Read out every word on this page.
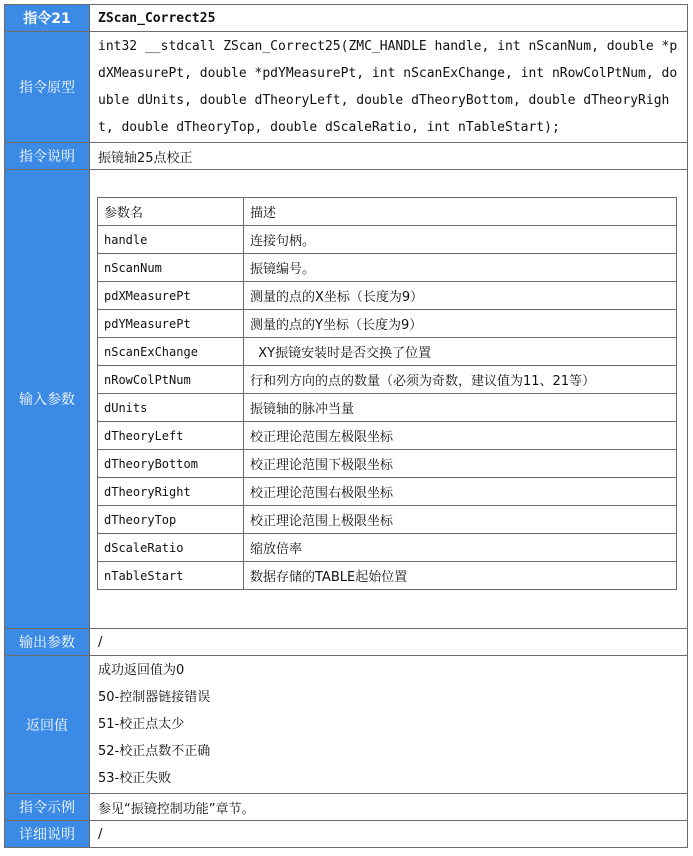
指令21	ZScan_Correct25
指令原型	int32 __stdcall ZScan_Correct25(ZMC_HANDLE handle, int nScanNum, double *pdXMeasurePt, double *pdYMeasurePt, int nScanExChange, int nRowColPtNum, double dUnits, double dTheoryLeft, double dTheoryBottom, double dTheoryRight, double dTheoryTop, double dScaleRatio, int nTableStart);
指令说明	振镜轴25点校正
输入参数	
参数名	描述
handle	连接句柄。
nScanNum	振镜编号。
pdXMeasurePt	测量的点的X坐标（长度为9）
pdYMeasurePt	测量的点的Y坐标（长度为9）
nScanExChange	XY振镜安装时是否交换了位置
nRowColPtNum	行和列方向的点的数量（必须为奇数，建议值为11、21等）
dUnits	振镜轴的脉冲当量
dTheoryLeft	校正理论范围左极限坐标
dTheoryBottom	校正理论范围下极限坐标
dTheoryRight	校正理论范围右极限坐标
dTheoryTop	校正理论范围上极限坐标
dScaleRatio	缩放倍率
nTableStart	数据存储的TABLE起始位置

输出参数	/
返回值	
成功返回值为0
50-控制器链接错误
51-校正点太少
52-校正点数不正确
53-校正失败

指令示例	参见“振镜控制功能”章节。
详细说明	/
